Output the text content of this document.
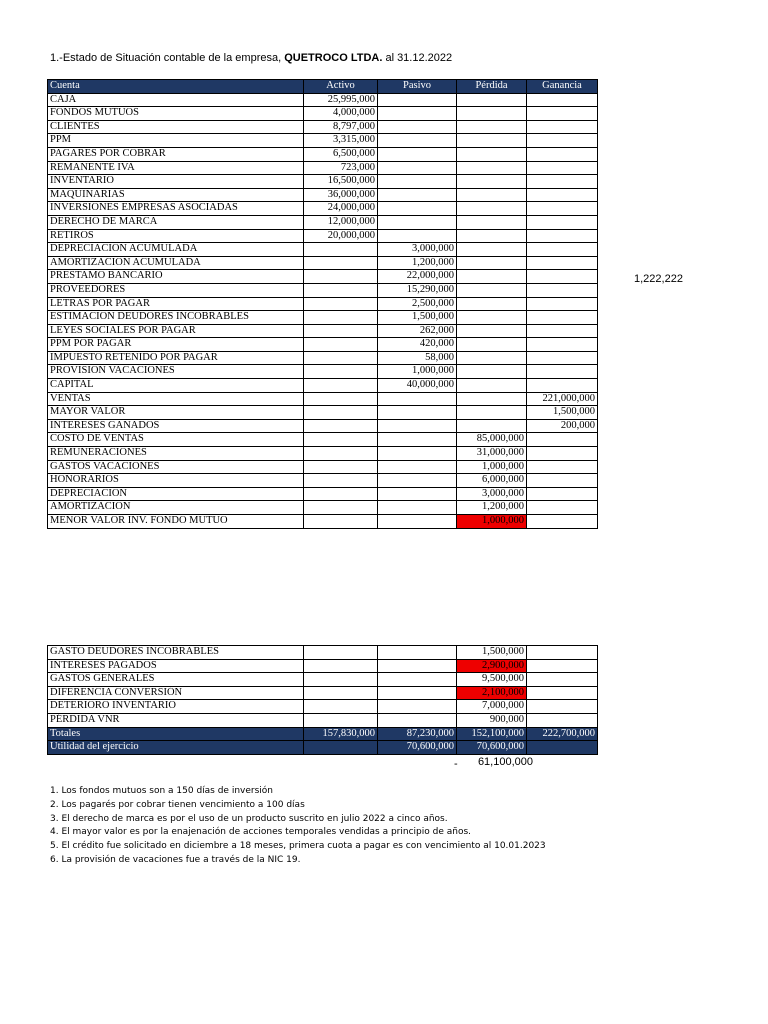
1.-Estado de Situación contable de la empresa, QUETROCO LTDA. al 31.12.2022
Cuenta	Activo	Pasivo	Pérdida	Ganancia
CAJA	25,995,000			
FONDOS MUTUOS	4,000,000			
CLIENTES	8,797,000			
PPM	3,315,000			
PAGARES POR COBRAR	6,500,000			
REMANENTE IVA	723,000			
INVENTARIO	16,500,000			
MAQUINARIAS	36,000,000			
INVERSIONES EMPRESAS ASOCIADAS	24,000,000			
DERECHO DE MARCA	12,000,000			
RETIROS	20,000,000			
DEPRECIACION ACUMULADA		3,000,000		
AMORTIZACION ACUMULADA		1,200,000		
PRESTAMO BANCARIO		22,000,000		
PROVEEDORES		15,290,000		
LETRAS POR PAGAR		2,500,000		
ESTIMACION DEUDORES INCOBRABLES		1,500,000		
LEYES SOCIALES POR PAGAR		262,000		
PPM POR PAGAR		420,000		
IMPUESTO RETENIDO POR PAGAR		58,000		
PROVISION VACACIONES		1,000,000		
CAPITAL		40,000,000		
VENTAS				221,000,000
MAYOR VALOR				1,500,000
INTERESES GANADOS				200,000
COSTO DE VENTAS			85,000,000	
REMUNERACIONES			31,000,000	
GASTOS VACACIONES			1,000,000	
HONORARIOS			6,000,000	
DEPRECIACION			3,000,000	
AMORTIZACION			1,200,000	
MENOR VALOR INV. FONDO MUTUO			1,000,000	
1,222,222
GASTO DEUDORES INCOBRABLES			1,500,000	
INTERESES PAGADOS			2,900,000	
GASTOS GENERALES			9,500,000	
DIFERENCIA CONVERSIÓN			2,100,000	
DETERIORO INVENTARIO			7,000,000	
PÉRDIDA VNR			900,000	
Totales	157,830,000	87,230,000	152,100,000	222,700,000
Utilidad del ejercicio		70,600,000	70,600,000	
-	61,100,000
1. Los fondos mutuos son a 150 días de inversión
2. Los pagarés por cobrar tienen vencimiento a 100 días
3. El derecho de marca es por el uso de un producto suscrito en julio 2022 a cinco años.
4. El mayor valor es por la enajenación de acciones temporales vendidas a principio de años.
5. El crédito fue solicitado en diciembre a 18 meses, primera cuota a pagar es con vencimiento al 10.01.2023
6. La provisión de vacaciones fue a través de la NIC 19.
